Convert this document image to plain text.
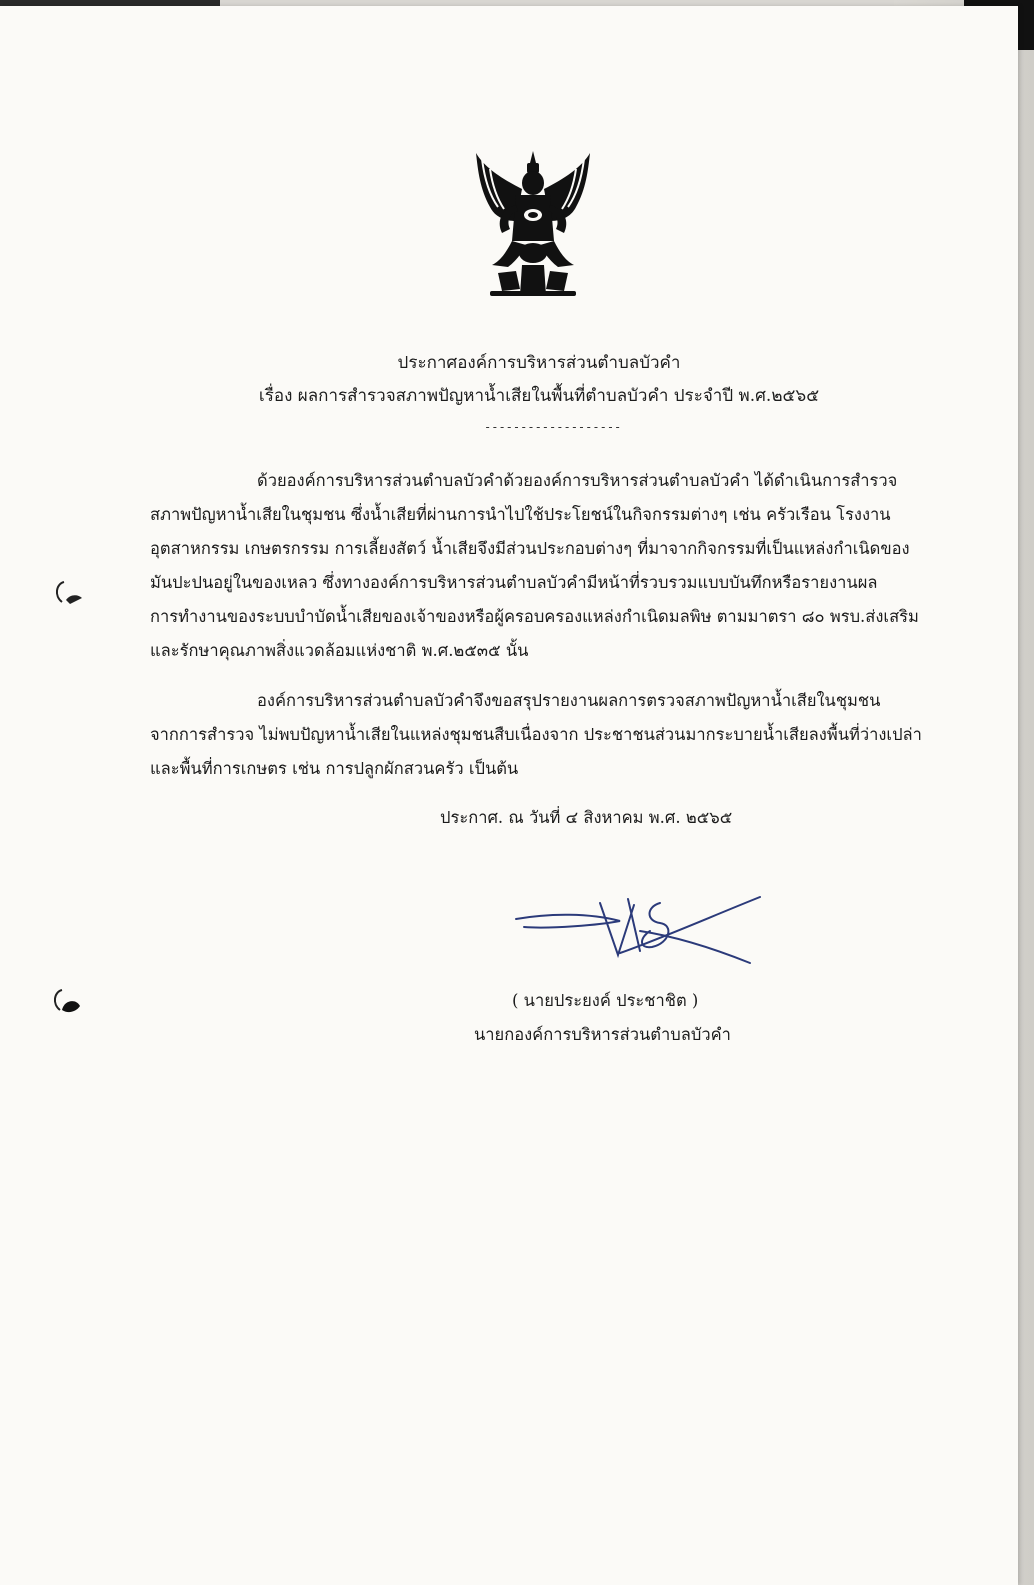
ประกาศองค์การบริหารส่วนตำบลบัวคำ
เรื่อง ผลการสำรวจสภาพปัญหาน้ำเสียในพื้นที่ตำบลบัวคำ ประจำปี พ.ศ.๒๕๖๕
-------------------
ด้วยองค์การบริหารส่วนตำบลบัวคำด้วยองค์การบริหารส่วนตำบลบัวคำ ได้ดำเนินการสำรวจ
สภาพปัญหาน้ำเสียในชุมชน ซึ่งน้ำเสียที่ผ่านการนำไปใช้ประโยชน์ในกิจกรรมต่างๆ เช่น ครัวเรือน โรงงาน
อุตสาหกรรม เกษตรกรรม การเลี้ยงสัตว์ น้ำเสียจึงมีส่วนประกอบต่างๆ ที่มาจากกิจกรรมที่เป็นแหล่งกำเนิดของ
มันปะปนอยู่ในของเหลว ซึ่งทางองค์การบริหารส่วนตำบลบัวคำมีหน้าที่รวบรวมแบบบันทึกหรือรายงานผล
การทำงานของระบบบำบัดน้ำเสียของเจ้าของหรือผู้ครอบครองแหล่งกำเนิดมลพิษ ตามมาตรา ๘๐ พรบ.ส่งเสริม
และรักษาคุณภาพสิ่งแวดล้อมแห่งชาติ พ.ศ.๒๕๓๕ นั้น
องค์การบริหารส่วนตำบลบัวคำจึงขอสรุปรายงานผลการตรวจสภาพปัญหาน้ำเสียในชุมชน
จากการสำรวจ ไม่พบปัญหาน้ำเสียในแหล่งชุมชนสืบเนื่องจาก ประชาชนส่วนมากระบายน้ำเสียลงพื้นที่ว่างเปล่า
และพื้นที่การเกษตร เช่น การปลูกผักสวนครัว เป็นต้น
ประกาศ. ณ วันที่ ๔ สิงหาคม พ.ศ. ๒๕๖๕
( นายประยงค์ ประชาชิต )
นายกองค์การบริหารส่วนตำบลบัวคำ
